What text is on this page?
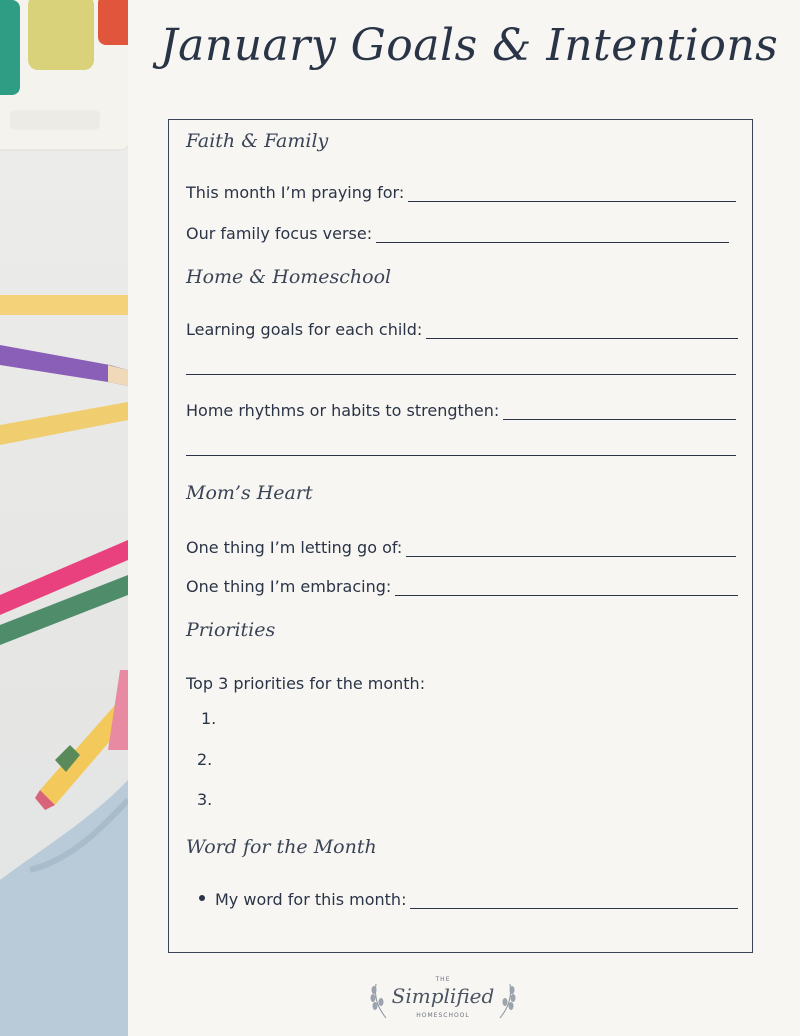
January Goals & Intentions
Faith & Family
This month I’m praying for:
Our family focus verse:
Home & Homeschool
Learning goals for each child:
Home rhythms or habits to strengthen:
Mom’s Heart
One thing I’m letting go of:
One thing I’m embracing:
Priorities
Top 3 priorities for the month:
1.
2.
3.
Word for the Month
My word for this month:
THE
Simplified
HOMESCHOOL
